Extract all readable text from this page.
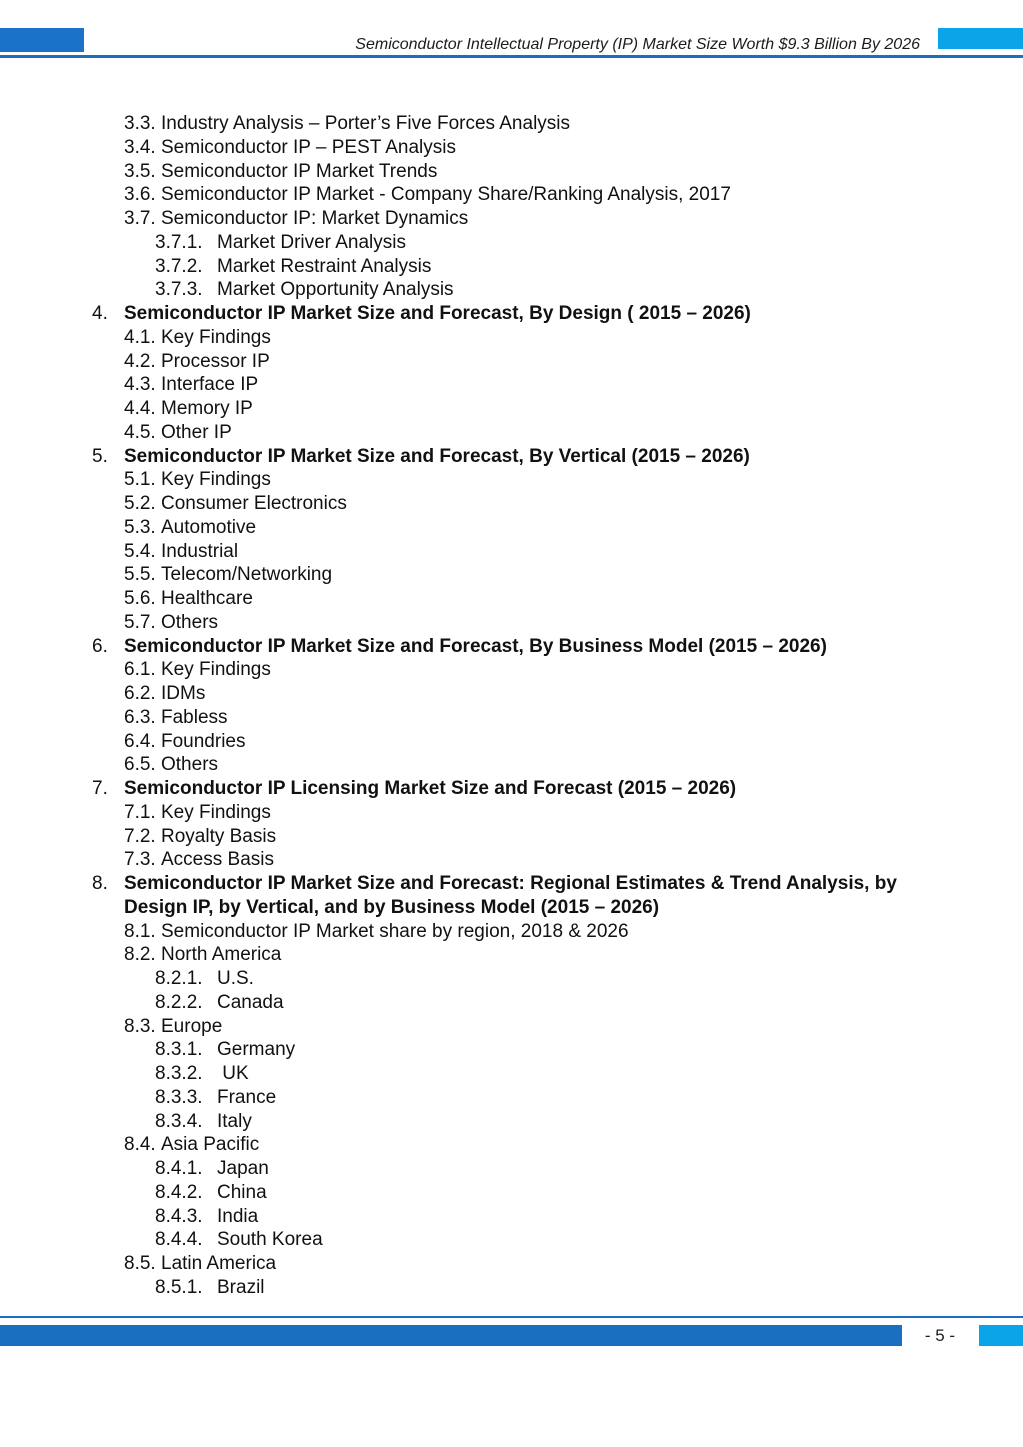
Semiconductor Intellectual Property (IP) Market Size Worth $9.3 Billion By 2026
3.3. Industry Analysis – Porter’s Five Forces Analysis
3.4. Semiconductor IP – PEST Analysis
3.5. Semiconductor IP Market Trends
3.6. Semiconductor IP Market - Company Share/Ranking Analysis, 2017
3.7. Semiconductor IP: Market Dynamics
3.7.1. Market Driver Analysis
3.7.2. Market Restraint Analysis
3.7.3. Market Opportunity Analysis
4. Semiconductor IP Market Size and Forecast, By Design ( 2015 – 2026)
4.1. Key Findings
4.2. Processor IP
4.3. Interface IP
4.4. Memory IP
4.5. Other IP
5. Semiconductor IP Market Size and Forecast, By Vertical (2015 – 2026)
5.1. Key Findings
5.2. Consumer Electronics
5.3. Automotive
5.4. Industrial
5.5. Telecom/Networking
5.6. Healthcare
5.7. Others
6. Semiconductor IP Market Size and Forecast, By Business Model (2015 – 2026)
6.1. Key Findings
6.2. IDMs
6.3. Fabless
6.4. Foundries
6.5. Others
7. Semiconductor IP Licensing Market Size and Forecast (2015 – 2026)
7.1. Key Findings
7.2. Royalty Basis
7.3. Access Basis
8. Semiconductor IP Market Size and Forecast: Regional Estimates & Trend Analysis, by
Design IP, by Vertical, and by Business Model (2015 – 2026)
8.1. Semiconductor IP Market share by region, 2018 & 2026
8.2. North America
8.2.1. U.S.
8.2.2. Canada
8.3. Europe
8.3.1. Germany
8.3.2. UK
8.3.3. France
8.3.4. Italy
8.4. Asia Pacific
8.4.1. Japan
8.4.2. China
8.4.3. India
8.4.4. South Korea
8.5. Latin America
8.5.1. Brazil
- 5 -
